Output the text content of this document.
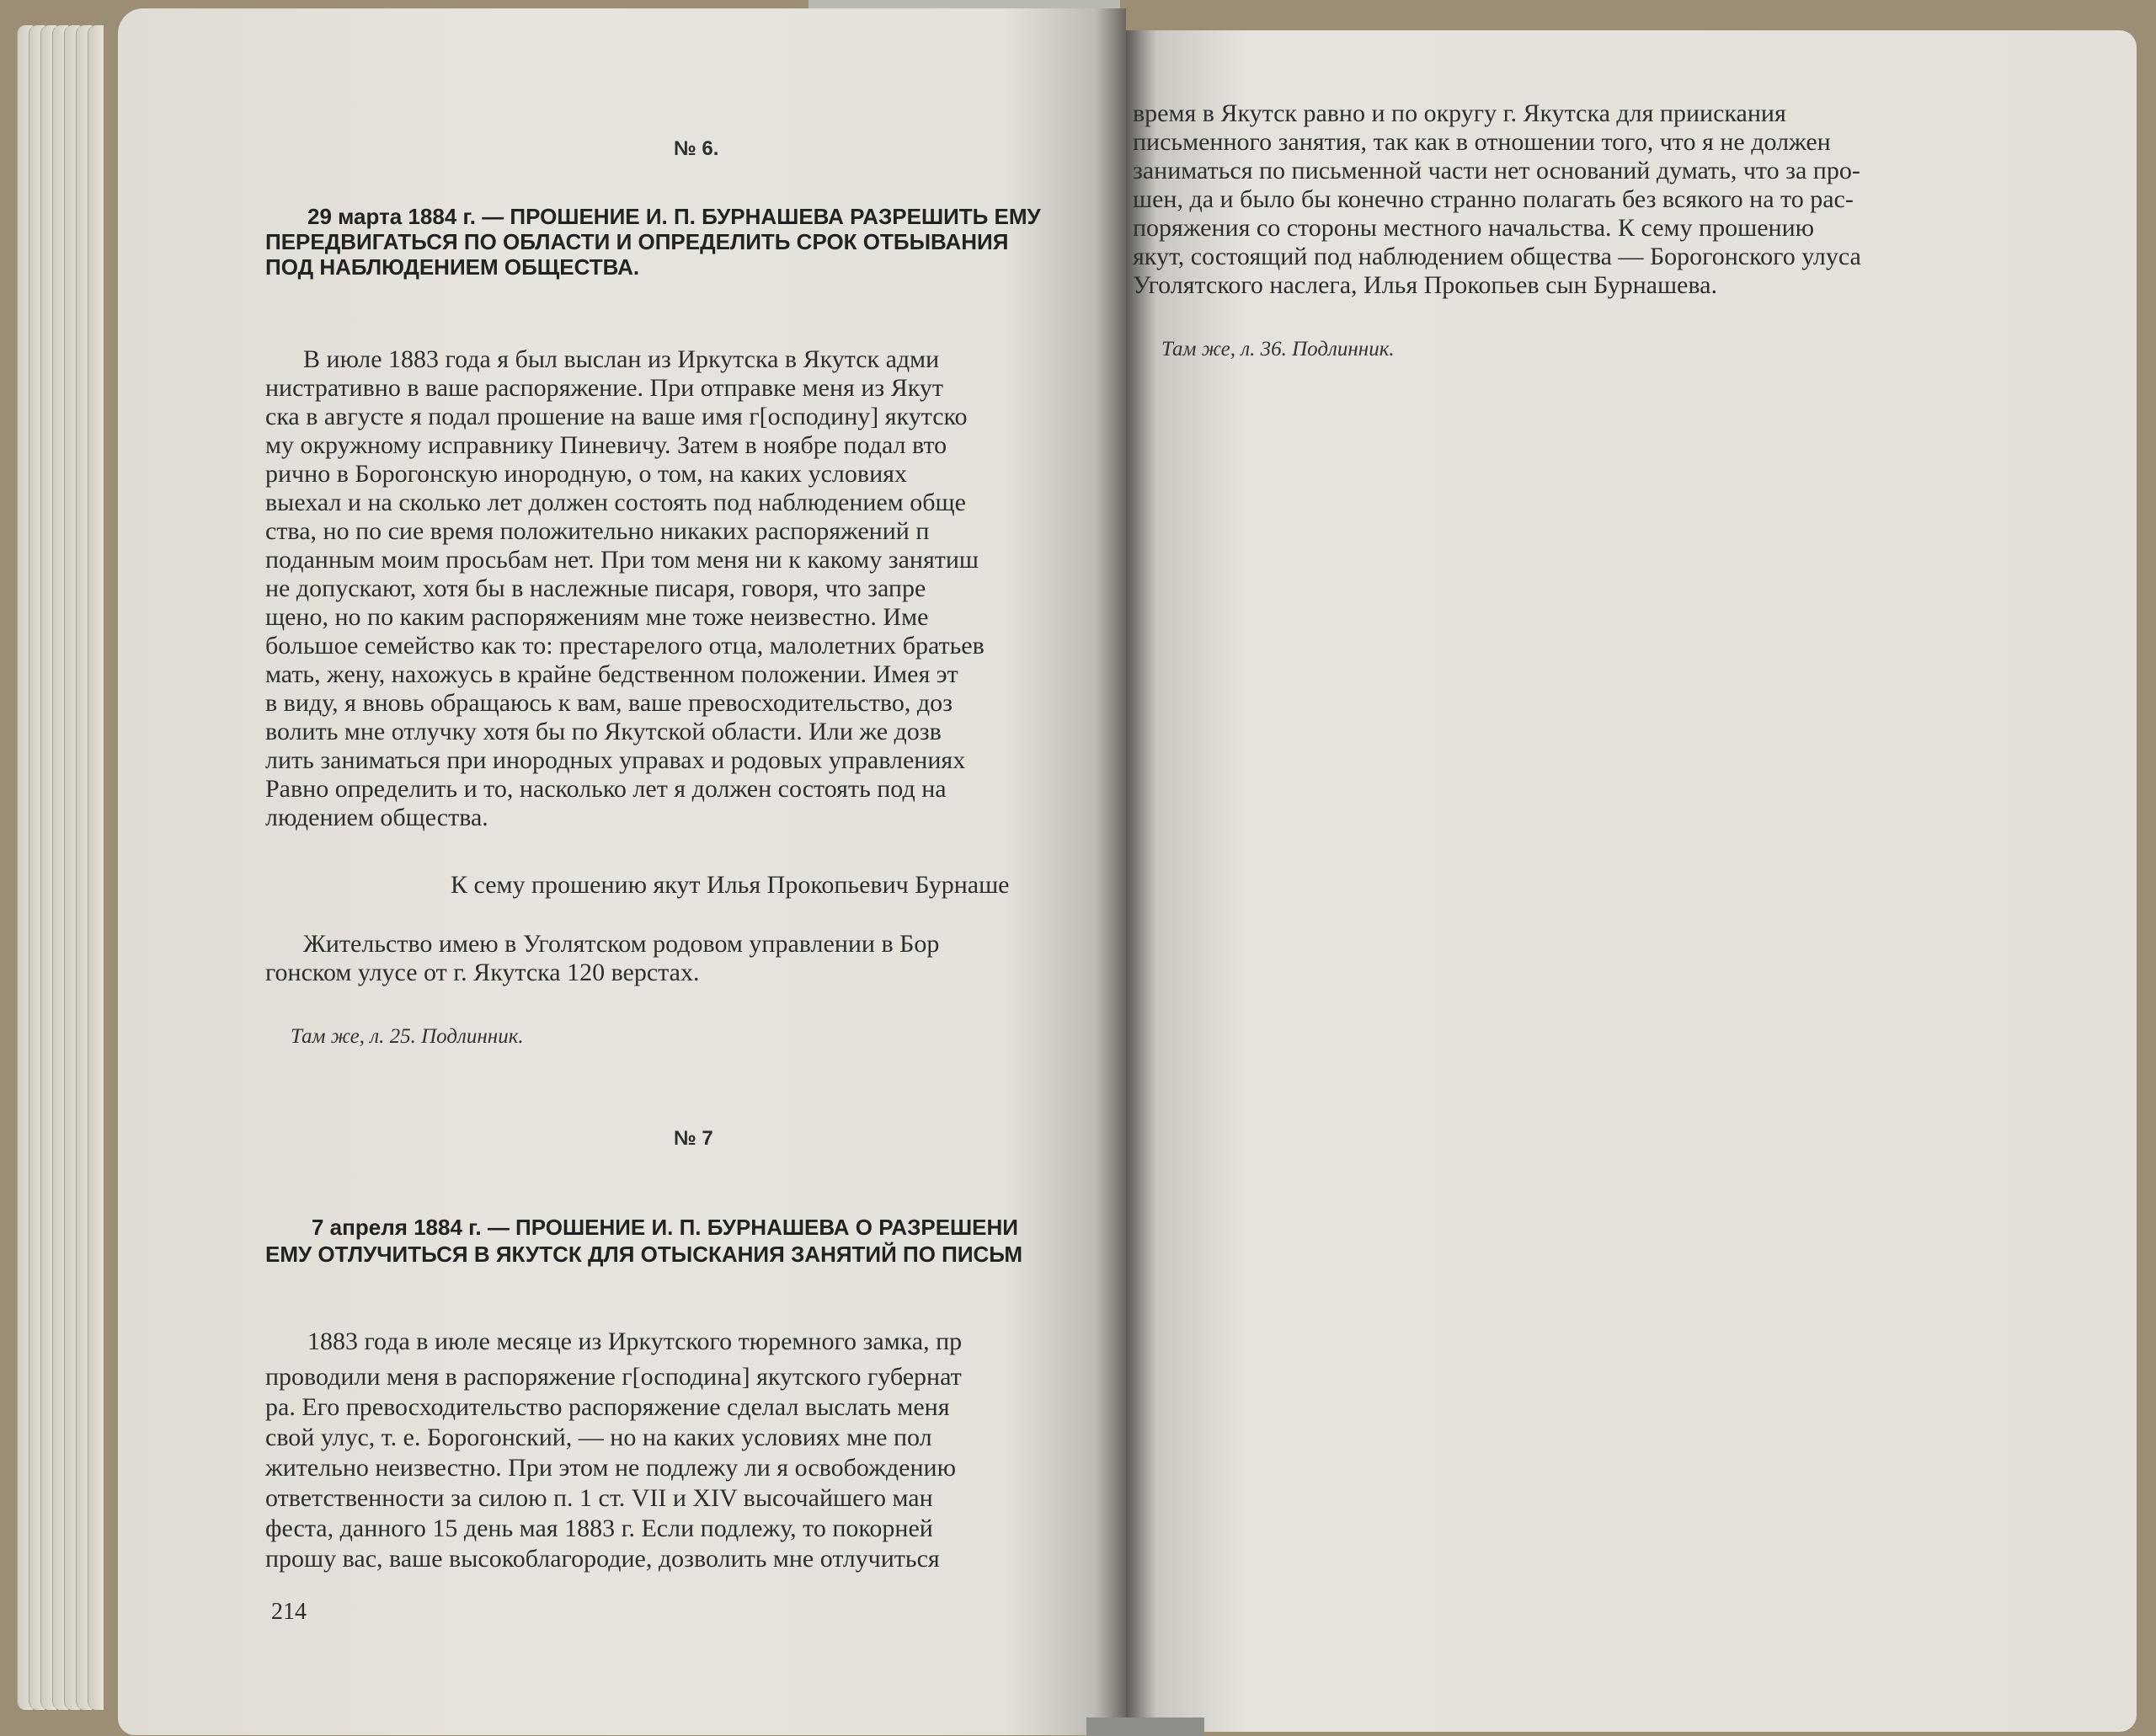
№ 6.
29 марта 1884 г. — ПРОШЕНИЕ И. П. БУРНАШЕВА РАЗРЕШИТЬ ЕМУ
ПЕРЕДВИГАТЬСЯ ПО ОБЛАСТИ И ОПРЕДЕЛИТЬ СРОК ОТБЫВАНИЯ
ПОД НАБЛЮДЕНИЕМ ОБЩЕСТВА.
В июле 1883 года я был выслан из Иркутска в Якутск адми
нистративно в ваше распоряжение. При отправке меня из Якут
ска в августе я подал прошение на ваше имя г[осподину] якутско
му окружному исправнику Пиневичу. Затем в ноябре подал вто
рично в Борогонскую инородную, о том, на каких условиях
выехал и на сколько лет должен состоять под наблюдением обще
ства, но по сие время положительно никаких распоряжений п
поданным моим просьбам нет. При том меня ни к какому занятиш
не допускают, хотя бы в наслежные писаря, говоря, что запре
щено, но по каким распоряжениям мне тоже неизвестно. Име
большое семейство как то: престарелого отца, малолетних братьев
мать, жену, нахожусь в крайне бедственном положении. Имея эт
в виду, я вновь обращаюсь к вам, ваше превосходительство, доз
волить мне отлучку хотя бы по Якутской области. Или же дозв
лить заниматься при инородных управах и родовых управлениях
Равно определить и то, насколько лет я должен состоять под на
людением общества.
К сему прошению якут Илья Прокопьевич Бурнаше
Жительство имею в Уголятском родовом управлении в Бор
гонском улусе от г. Якутска 120 верстах.
Там же, л. 25. Подлинник.
№ 7
7 апреля 1884 г. — ПРОШЕНИЕ И. П. БУРНАШЕВА О РАЗРЕШЕНИ
ЕМУ ОТЛУЧИТЬСЯ В ЯКУТСК ДЛЯ ОТЫСКАНИЯ ЗАНЯТИЙ ПО ПИСЬМ
1883 года в июле месяце из Иркутского тюремного замка, пр
проводили меня в распоряжение г[осподина] якутского губернат
ра. Его превосходительство распоряжение сделал выслать меня
свой улус, т. е. Борогонский, — но на каких условиях мне пол
жительно неизвестно. При этом не подлежу ли я освобождению
ответственности за силою п. 1 ст. VII и XIV высочайшего ман
феста, данного 15 день мая 1883 г. Если подлежу, то покорней
прошу вас, ваше высокоблагородие, дозволить мне отлучиться
214
время в Якутск равно и по округу г. Якутска для приискания
письменного занятия, так как в отношении того, что я не должен
заниматься по письменной части нет оснований думать, что за про-
шен, да и было бы конечно странно полагать без всякого на то рас-
поряжения со стороны местного начальства. К сему прошению
якут, состоящий под наблюдением общества — Борогонского улуса
Уголятского наслега, Илья Прокопьев сын Бурнашева.
Там же, л. 36. Подлинник.
